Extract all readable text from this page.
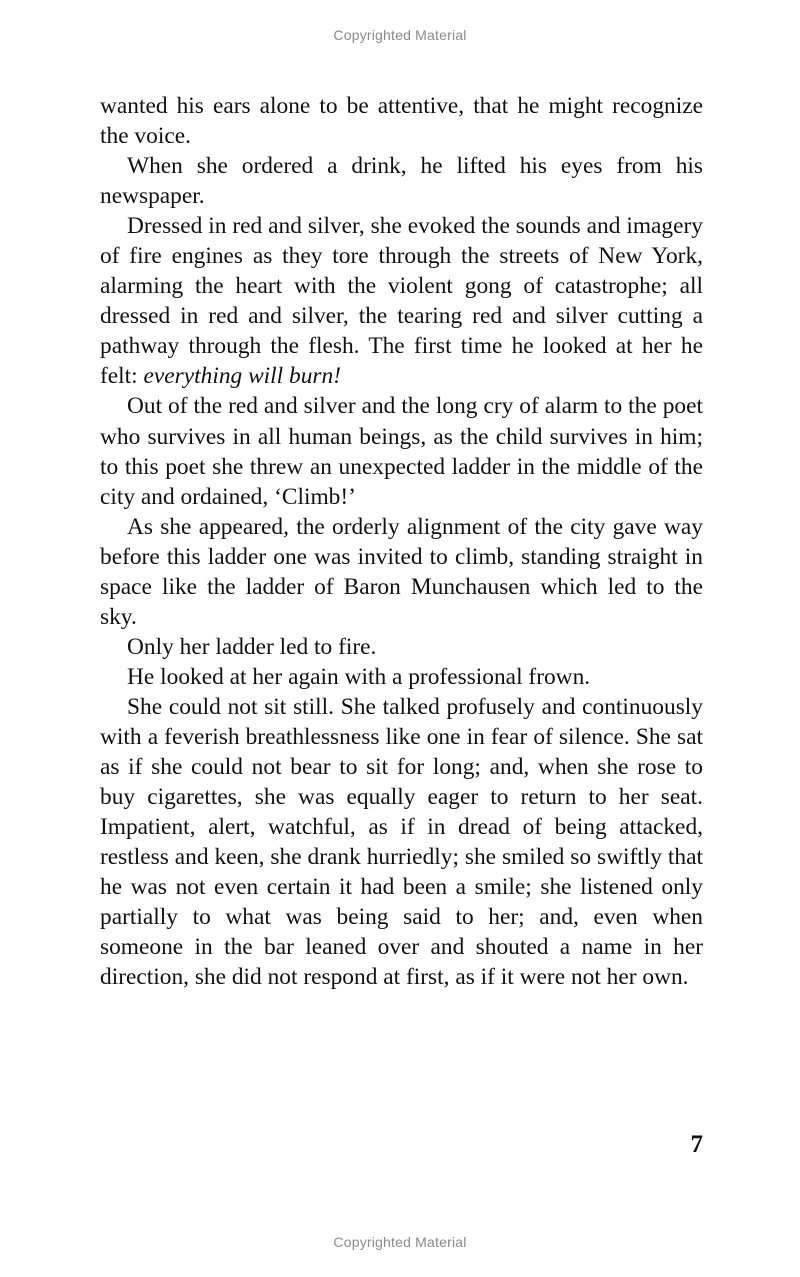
Copyrighted Material

wanted his ears alone to be attentive, that he might recognize the voice.

When she ordered a drink, he lifted his eyes from his newspaper.

Dressed in red and silver, she evoked the sounds and imagery of fire engines as they tore through the streets of New York, alarming the heart with the violent gong of catastrophe; all dressed in red and silver, the tearing red and silver cutting a pathway through the flesh. The first time he looked at her he felt: everything will burn!

Out of the red and silver and the long cry of alarm to the poet who survives in all human beings, as the child survives in him; to this poet she threw an unexpected ladder in the middle of the city and ordained, ‘Climb!’

As she appeared, the orderly alignment of the city gave way before this ladder one was invited to climb, standing straight in space like the ladder of Baron Munchausen which led to the sky.

Only her ladder led to fire.

He looked at her again with a professional frown.

She could not sit still. She talked profusely and continuously with a feverish breathlessness like one in fear of silence. She sat as if she could not bear to sit for long; and, when she rose to buy cigarettes, she was equally eager to return to her seat. Impatient, alert, watchful, as if in dread of being attacked, restless and keen, she drank hurriedly; she smiled so swiftly that he was not even certain it had been a smile; she listened only partially to what was being said to her; and, even when someone in the bar leaned over and shouted a name in her direction, she did not respond at first, as if it were not her own.

7
Copyrighted Material
